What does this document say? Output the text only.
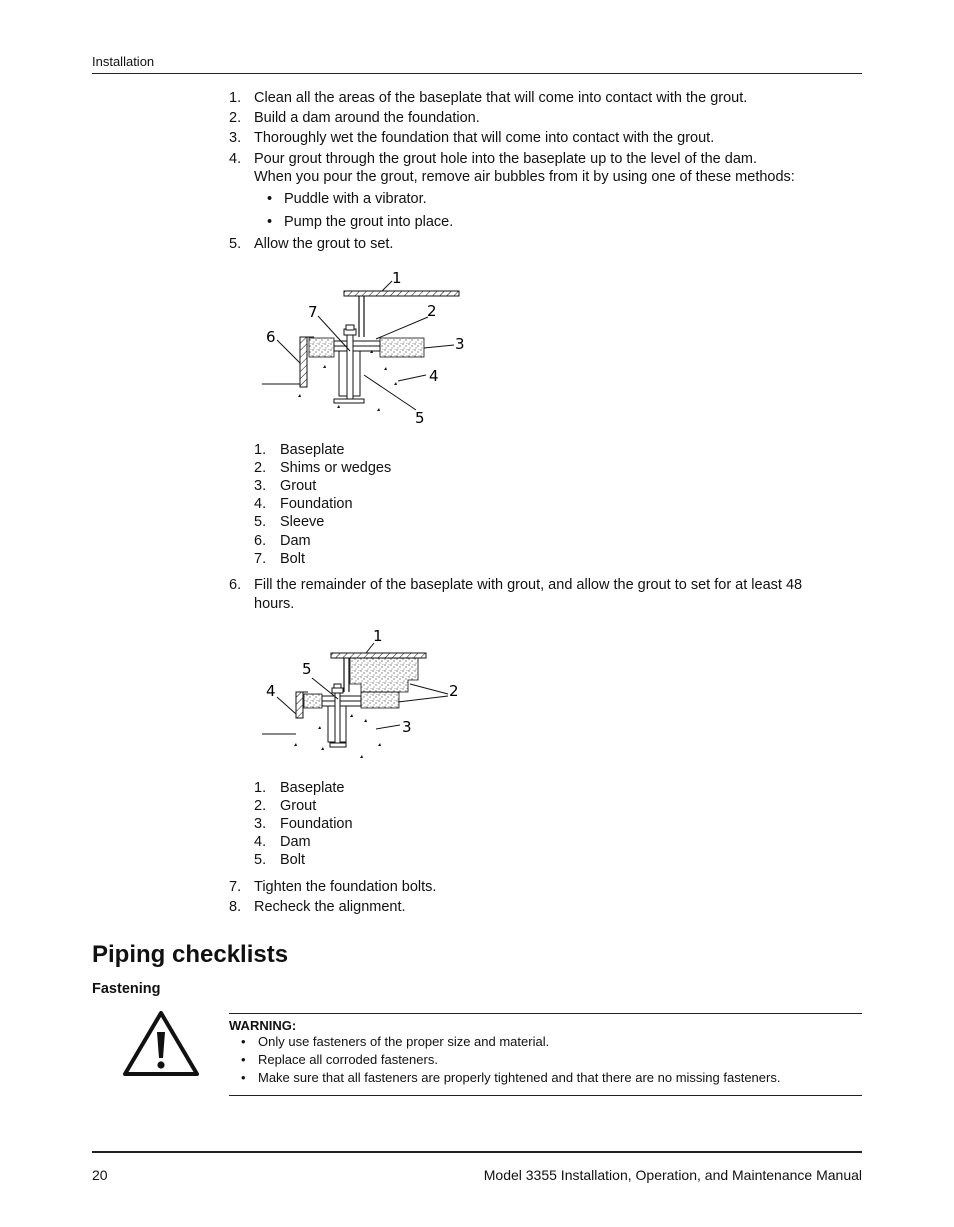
Installation
1. Clean all the areas of the baseplate that will come into contact with the grout.
2. Build a dam around the foundation.
3. Thoroughly wet the foundation that will come into contact with the grout.
4. Pour grout through the grout hole into the baseplate up to the level of the dam.
When you pour the grout, remove air bubbles from it by using one of these methods:
• Puddle with a vibrator.
• Pump the grout into place.
5. Allow the grout to set.
1
2
3
4
5
6
7
1. Baseplate
2. Shims or wedges
3. Grout
4. Foundation
5. Sleeve
6. Dam
7. Bolt
6. Fill the remainder of the baseplate with grout, and allow the grout to set for at least 48 hours.
1
2
3
4
5
1. Baseplate
2. Grout
3. Foundation
4. Dam
5. Bolt
7. Tighten the foundation bolts.
8. Recheck the alignment.
Piping checklists
Fastening
WARNING:
• Only use fasteners of the proper size and material.
• Replace all corroded fasteners.
• Make sure that all fasteners are properly tightened and that there are no missing fasteners.
20	Model 3355 Installation, Operation, and Maintenance Manual
